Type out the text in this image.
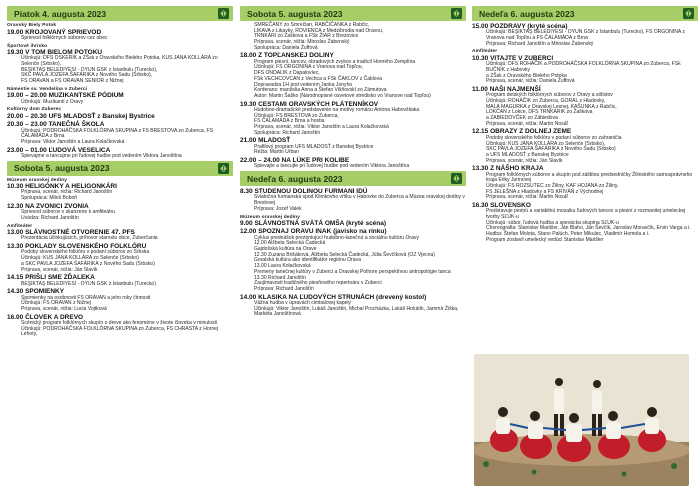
Piatok 4. augusta 2023
Oravský Biely Potok
19.00 KROJOVANÝ SPRIEVOD
Sprievod folklórnych súborov cez obec
Športové ihrisko
19.30 V TOM BIELOM POTOKU
Účinkujú: DFS OSKERÍK a ZŠsk z Oravského Bieleho Potoka, KUS JÁNA KOLLÁRA zo Selenče (Srbsko),
BEŞIKTAŞ BELEDIYESI - OYUN GSK z Istanbulu (Turecko),
SKC PAVLA JOZEFA ŠAFÁRIKA z Nového Sadu (Srbsko),
FS ORAVAN a FS ORAVAN SENIOR z Nižnej
Námestie sv. Vendelína v Zuberci
19.00 – 20.00 MUZIKANTSKÉ PÓDIUM
Účinkujú: Muzikanti z Oravy
Kultúrny dom Zuberec
20.00 – 20.30 UFS MLADOSŤ z Banskej Bystrice
20.30 – 23.00 TANEČNÁ ŠKOLA
Účinkujú: PODROHÁČSKA FOLKLÓRNA SKUPINA z FS BRESTOVA zo Zuberca, FS ČALAMÁDA z Brna
Príprava: Viktor Janoštín a Laura Kolačkovská
23.00 – 01.00 ĽUDOVÁ VESELICA
Spievajme a tancujme pri ľudovej hudbe pod vedením Viktora Janoštína
Sobota 5. augusta 2023
Múzeum oravskej dediny
10.30 HELIGÓNKY A HELIGONKÁRI
Príprava, scenár, réžia: Richard Janoštín
Spolupráca: Miloš Boboň
12.30 NA ZVONICI ZVONIA
Sprievod súborov v skanzene k amfiteátru
Uvádza: Richard Janoštín
Amfiteáter
13.00 SLÁVNOSTNÉ OTVORENIE 47. PFS
Prezentácia účinkujúcich, príhovor starostu obce, Zuberčania
13.30 POKLADY SLOVENSKÉHO FOLKLÓRU
Podoby slovenského folklóru v podaní súborov zo Srbska
Účinkujú: KUS JÁNA KOLLÁRA zo Selenče (Srbsko)
a SKC PAVLA JOZEFA ŠAFÁRIKA z Nového Sadu (Srbsko)
Príprava, scenár, réžia: Ján Slavík
14.15 PRIŠLI SME ZĎALEKA
BEŞIKTAŞ BELEDIYESI - OYUN GSK z Istanbulu (Turecko)
14.30 SPOMIENKY
Spomienky na osobnosti FS ORAVAN a jeho roky činnosti
Účinkujú: FS ORAVAN z Nižnej
Príprava, scenár, réžia: Lucia Vojtková
16.00 ČLOVEK A DREVO
Scénický program folklórnych skupín o dreve ako fenoméne v živote človeka v minulosti
Účinkujú: PODROHÁČSKA FOLKLÓRNA SKUPINA zo Zuberca, FS CHRASTA z Hornej Lehoty,
Sobota 5. augusta 2023
SMREČANY zo Smrečian, RABČIČANKA z Rabčic,
LIKAVA z Likavky, ROVIENCA z Medzibrodia nad Oravou,
TRNKÁRI zo Žaškova a FSk ŽIAR z Brezovice
Príprava, scenár, réžia: Miroslav Žabenský
Spolupráca: Daniela Žuffová
18.00 Z TOPĽANSKEJ DOLINY
Program piesní, tancov, obradových zvykov a tradícií Horného Zemplína
Účinkujú: FS ORGONINA z Vranova nad Topľou,
DFS ONDALIK z Dapalovíec,
FSk VECHCOVCAN z Vechca a FSk ČAKLOV z Čaklova
Dopravadza ĽH pod vedením Janka Jonyho
Konferans: manželia Anna a Štefan Višňovskí zo Zámutova
Autor: Martin Šaško (Národnopisné osvetové stredisko vo Vranove nad Topľou)
19.30 CESTAMI ORAVSKÝCH PLÁTENNÍKOV
Hudobno-dramatické predstavenie na motívy románu Antona Habovštiaka
Účinkujú: FS BRESTOVA zo Zuberca,
FS ČALAMÁDA z Brna a hostia
Príprava, scenár, réžia: Viktor Janoštín a Laura Kolačkovská
Spolupráca: Richard Janoštín
21.00 MLADOSŤ
Prafilový program UFS MLADOSŤ z Banskej Bystrice
Réžia: Martin Urban
22.00 – 24.00 NA LÚKE PRI KOLIBE
Spievajte a tancujte pri ľudovej hudbe pod vedením Viktora Janoštína
Nedeľa 6. augusta 2023
8.30 STUDENOU DOLINOU FURMANI IDÚ
Sviatočná furmanská spod Klimkovho vŕšku v Habovke do Zuberca a Múzea oravskej dediny v Brestovej
Príprava: Jozef Valek
Múzeum oravskej dediny
9.00 SLÁVNOSTNÁ SVÄTÁ OMŠA (kryté scéna)
12.00 SPOZNAJ ORAVU INAK (javisko na rínku)
Cyklus prednášok prezentujúci hudobno-tanečnú a sociálnu kultúru Oravy
12.00 Alžbeta Selecká Čadecká
Gajdošská kultúra na Orave
12.30 Zuzana Brišáková, Alžbeta Selecká Čadecká, Júlia Ševčíková (OZ Vjecna)
Goralská kultúra ako identifikátor regiónu Orava
13.00 Laura Kolačkovská
Premeny tanečnej kultúry v Zuberci a Oravskej Polhore perspektívou antropológie tanca
13.30 Richard Janoštín
Zaujímavosti tradičného piesňového repertoáru v Zuberci
Príprava: Richard Janoštín
14.00 KLASIKA NA ĽUDOVÝCH STRUNÁCH (drevený kostol)
Vážna hudba v úpravách cimbalovej kapely
Účinkujú: Viktor Janoštín, Lukáš Janoštín, Michal Procházka, Lukáš Holubík, Jaromír Žiška, Markéta Janoštínová
Nedeľa 6. augusta 2023
15.00 POZDRAVY (kryté scéna)
Účinkujú: BEŞIKTAŞ BELEDIYESI - OYUN GSK z Istanbulu (Turecko), FS ORGONINA z Vranova nad Topľou a FS ČALAMÁDA z Brna
Príprava: Richard Janoštín a Miroslav Žabenský
Amfiteáter
10.30 VITAJTE V ZUBERCI
Účinkujú: DFS ROHÁČIK a PODROHÁČSKA FOLKLÓRNA SKUPINA zo Zuberca, FSk BUČNÍK z Habovky
a ZŠsk z Oravského Bieleho Potoka
Príprava, scenár, réžia: Daniela Žuffová
11.00 NAŠI NAJMENŠÍ
Program detských folklórnych súborov z Oravy a sólistov
Účinkujú: ROHÁČIK zo Zuberca, GORAL z Hladovky,
MALÁ MAGURKA z Oravskej Lesnej, KAŠUNKA z Rabčic,
LOKČAN z Lokce, DFS TRNKÁRIK zo Žaškova
a ZABIEDOVČEK zo Zábiedova
Príprava, scenár, réžia: Martin Nosáľ
12.15 OBRAZY Z DOLNEJ ZEME
Podoby slovenského folklóru v podaní súborov zo zahraničia
Účinkujú: KUS JÁNA KOLLÁRA zo Selenče (Srbsko),
SKC PAVLA JOZEFA ŠAFÁRIKA z Nového Sadu (Srbsko)
a UFS MLADOSŤ z Banskej Bystrice
Príprava, scenár, réžia: Ján Slavík
13.30 Z NÁŠHO KRAJA
Program folklórnych súborov a skupín pod záštitou predsedníčky Žilinského samosprávneho kraja Eriky Jurinovej
Účinkujú: FS ROZSUTEC zo Žiliny, KAF HOJANA zo Žiliny,
FS JELEŠNA z Hladovky a FS KRIVÁŇ z Východnej
Príprava, scenár, réžia: Martin Nosáľ
16.30 SLOVENSKO
Predstavuje pestrú a variabilnú mozaiku ľudových tancov a piesní z rozmanitej umeleckej tvorby SĽUK-u
Účinkujú: súbor, ľudová hudba a spevácka skupina SĽUK-u
Choreografia: Stanislav Marišler, Ján Blaho, Ján Ševčík, Jaroslav Moravčík, Ervin Varga a i.
Hudba: Štefan Molota, Stano Palúch, Peter Mikulec, Vladimír Homola a i.
Program zostavil umelecký vedúci Stanislav Marišler
